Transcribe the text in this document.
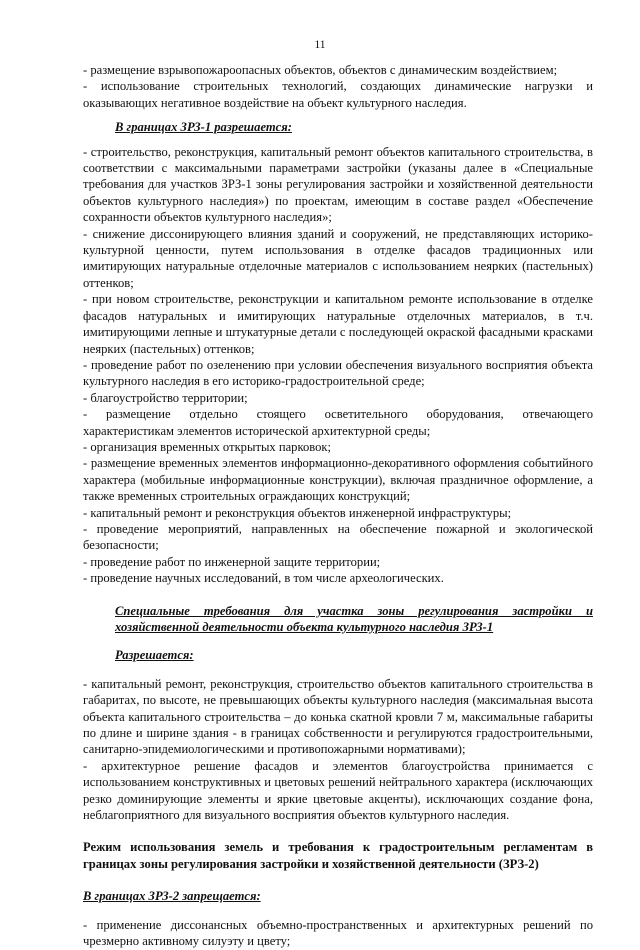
11

- размещение взрывопожароопасных объектов, объектов с динамическим воздействием;

- использование строительных технологий, создающих динамические нагрузки и оказывающих негативное воздействие на объект культурного наследия.

В границах ЗРЗ-1 разрешается:

- строительство, реконструкция, капитальный ремонт объектов капитального строительства, в соответствии с максимальными параметрами застройки (указаны далее в «Специальные требования для участков ЗРЗ-1 зоны регулирования застройки и хозяйственной деятельности объектов культурного наследия») по проектам, имеющим в составе раздел «Обеспечение сохранности объектов культурного наследия»;

- снижение диссонирующего влияния зданий и сооружений, не представляющих историко-культурной ценности, путем использования в отделке фасадов традиционных или имитирующих натуральные отделочные материалов с использованием неярких (пастельных) оттенков;

- при новом строительстве, реконструкции и капитальном ремонте использование в отделке фасадов натуральных и имитирующих натуральные отделочных материалов, в т.ч. имитирующими лепные и штукатурные детали с последующей окраской фасадными красками неярких (пастельных) оттенков;

- проведение работ по озеленению при условии обеспечения визуального восприятия объекта культурного наследия в его историко-градостроительной среде;

- благоустройство территории;

- размещение отдельно стоящего осветительного оборудования, отвечающего характеристикам элементов исторической архитектурной среды;

- организация временных открытых парковок;

- размещение временных элементов информационно-декоративного оформления событийного характера (мобильные информационные конструкции), включая праздничное оформление, а также временных строительных ограждающих конструкций;

- капитальный ремонт и реконструкция объектов инженерной инфраструктуры;

- проведение мероприятий, направленных на обеспечение пожарной и экологической безопасности;

- проведение работ по инженерной защите территории;

- проведение научных исследований, в том числе археологических.

Специальные требования для участка зоны регулирования застройки и хозяйственной деятельности объекта культурного наследия ЗРЗ-1

Разрешается:

- капитальный ремонт, реконструкция, строительство объектов капитального строительства в габаритах, по высоте, не превышающих объекты культурного наследия (максимальная высота объекта капитального строительства – до конька скатной кровли 7 м, максимальные габариты по длине и ширине здания - в границах собственности и регулируются градостроительными, санитарно-эпидемиологическими и противопожарными нормативами);

- архитектурное решение фасадов и элементов благоустройства принимается с использованием конструктивных и цветовых решений нейтрального характера (исключающих резко доминирующие элементы и яркие цветовые акценты), исключающих создание фона, неблагоприятного для визуального восприятия объектов культурного наследия.

Режим использования земель и требования к градостроительным регламентам в границах зоны регулирования застройки и хозяйственной деятельности (ЗРЗ-2)

В границах ЗРЗ-2 запрещается:

- применение диссонансных объемно-пространственных и архитектурных решений по чрезмерно активному силуэту и цвету;
